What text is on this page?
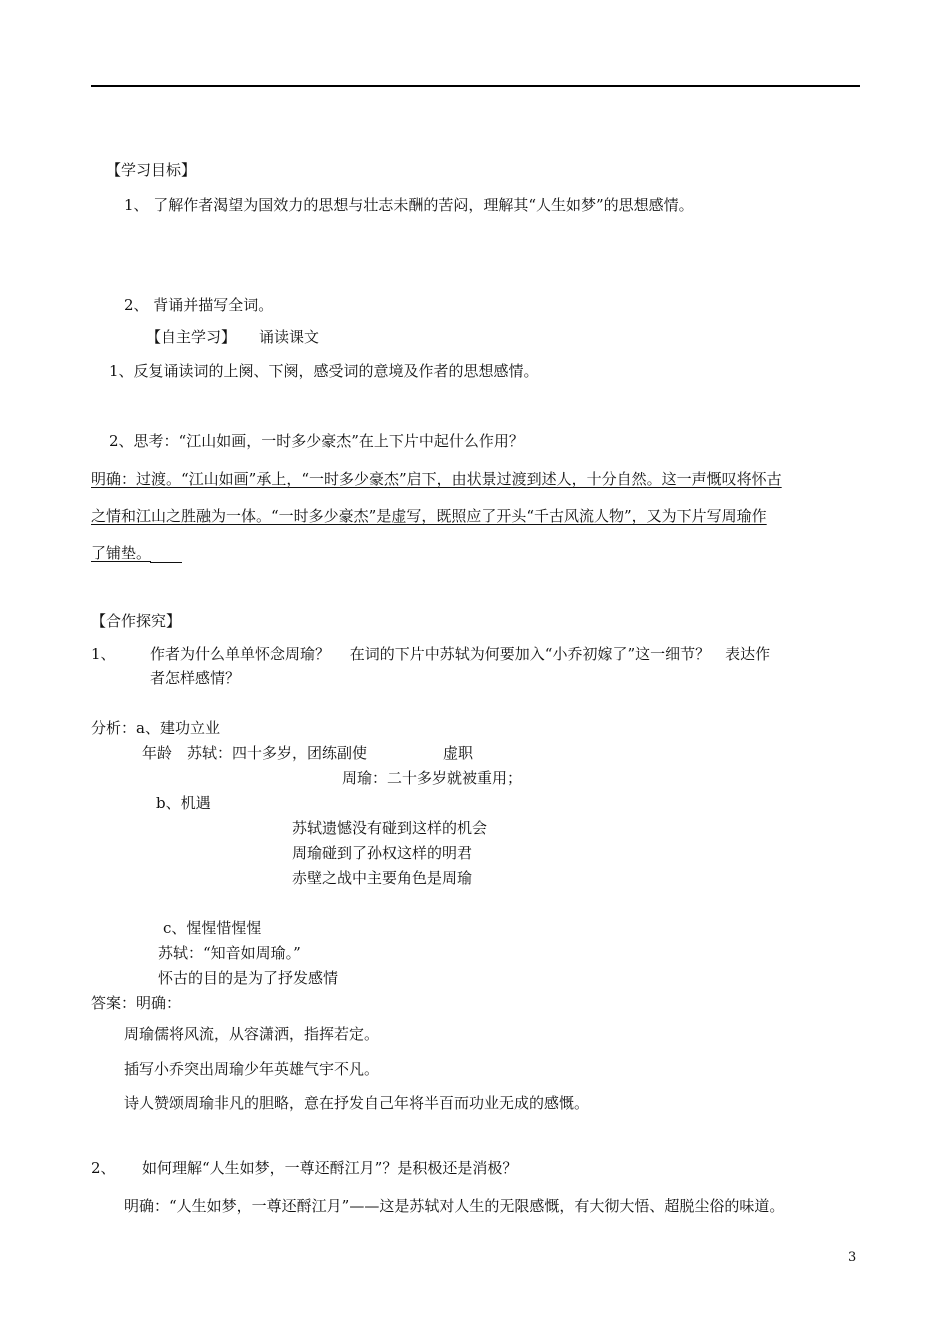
【学习目标】
1、 了解作者渴望为国效力的思想与壮志未酬的苦闷，理解其“人生如梦”的思想感情。
2、 背诵并描写全词。
【自主学习】 诵读课文
1、反复诵读词的上阕、下阕，感受词的意境及作者的思想感情。
2、思考：“江山如画，一时多少豪杰”在上下片中起什么作用？
明确：过渡。“江山如画”承上，“一时多少豪杰”启下，由状景过渡到述人，十分自然。这一声慨叹将怀古
之情和江山之胜融为一体。“一时多少豪杰”是虚写，既照应了开头“千古风流人物”，又为下片写周瑜作
了铺垫。
【合作探究】
1、 作者为什么单单怀念周瑜？　 在词的下片中苏轼为何要加入“小乔初嫁了”这一细节？　表达作
者怎样感情？
分析：a、建功立业
年龄　苏轼：四十多岁，团练副使	虚职
周瑜：二十多岁就被重用；
b、机遇
苏轼遗憾没有碰到这样的机会
周瑜碰到了孙权这样的明君
赤壁之战中主要角色是周瑜
c、惺惺惜惺惺
苏轼：“知音如周瑜。”
怀古的目的是为了抒发感情
答案：明确：
周瑜儒将风流，从容潇洒，指挥若定。
插写小乔突出周瑜少年英雄气宇不凡。
诗人赞颂周瑜非凡的胆略，意在抒发自己年将半百而功业无成的感慨。
2、 如何理解“人生如梦，一尊还酹江月”？是积极还是消极？
明确：“人生如梦，一尊还酹江月”——这是苏轼对人生的无限感慨，有大彻大悟、超脱尘俗的味道。
3
